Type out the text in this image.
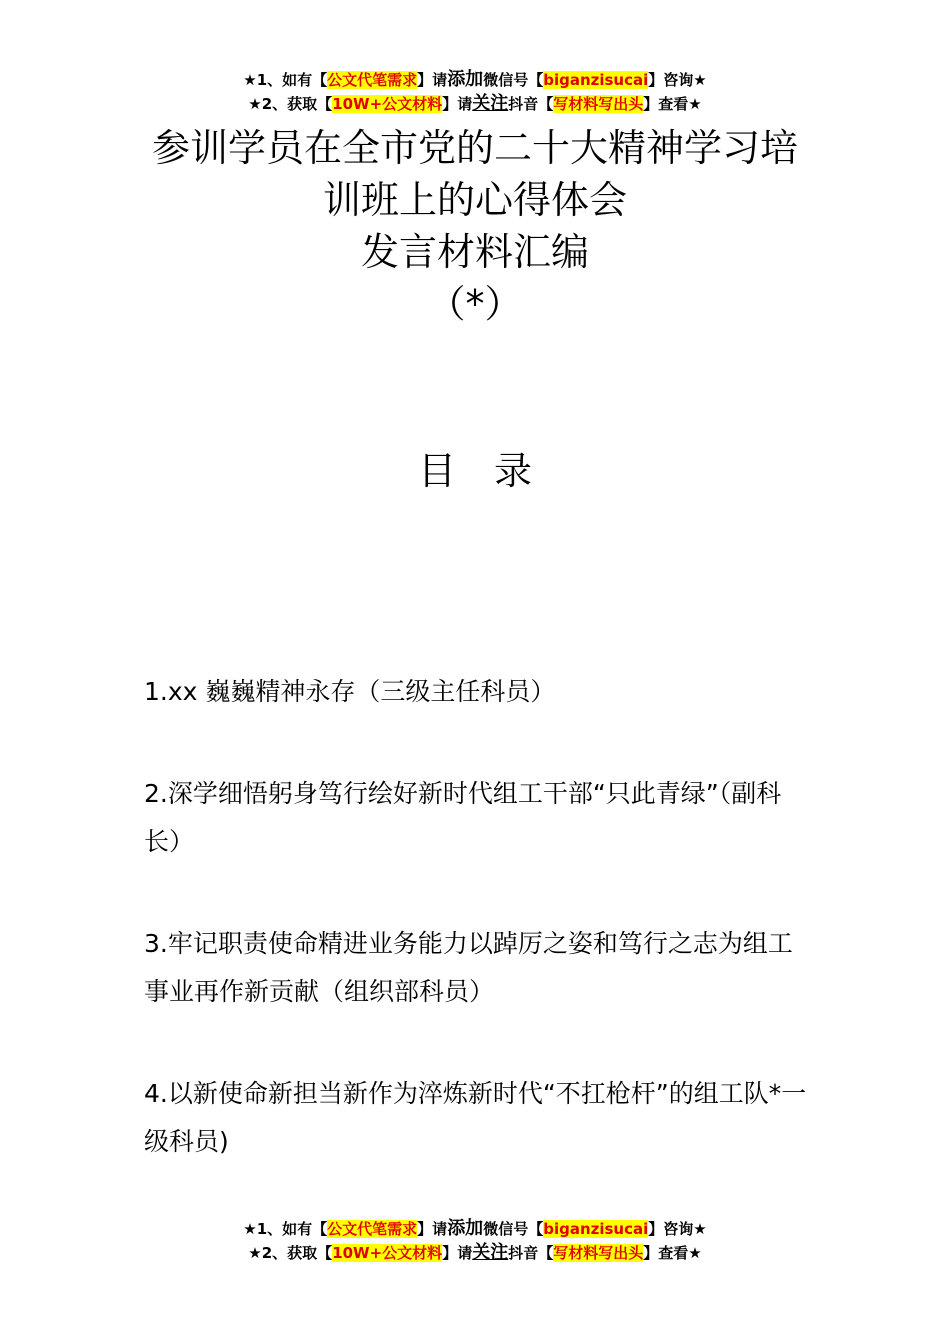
★1、如有【公文代笔需求】请添加微信号【biganzisucai】咨询★
★2、获取【10W+公文材料】请关注抖音【写材料写出头】查看★
参训学员在全市党的二十大精神学习培
训班上的心得体会
发言材料汇编
（*）
目录
1.xx 巍巍精神永存（三级主任科员）
2.深学细悟躬身笃行绘好新时代组工干部“只此青绿”（副科长）
3.牢记职责使命精进业务能力以踔厉之姿和笃行之志为组工事业再作新贡献（组织部科员）
4.以新使命新担当新作为淬炼新时代“不扛枪杆”的组工队*一级科员)
★1、如有【公文代笔需求】请添加微信号【biganzisucai】咨询★
★2、获取【10W+公文材料】请关注抖音【写材料写出头】查看★
